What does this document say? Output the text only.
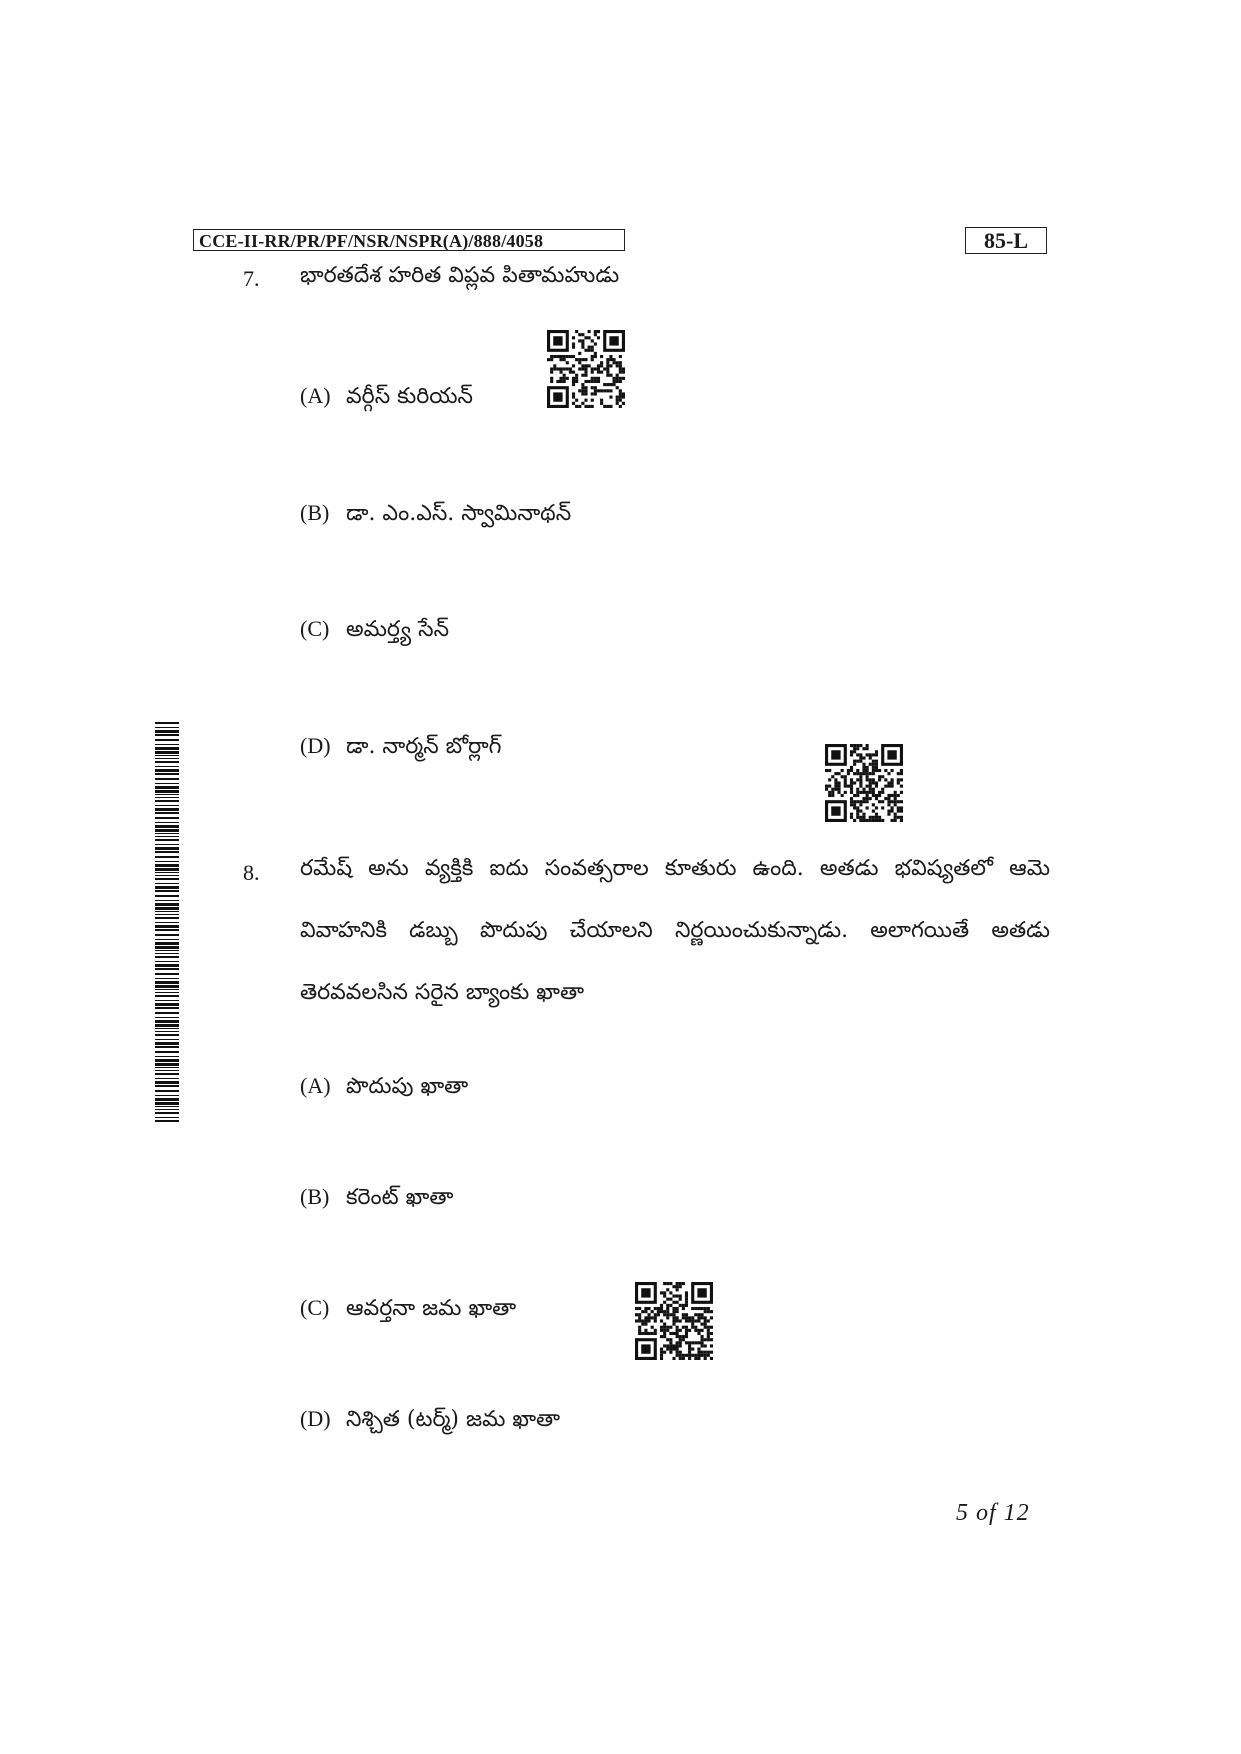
CCE-II-RR/PR/PF/NSR/NSPR(A)/888/4058	85-L
7. భారతదేశ హరిత విప్లవ పితామహుడు
(A) వర్గీస్ కురియన్
(B) డా. ఎం.ఎస్. స్వామినాథన్
(C) అమర్త్య సేన్
(D) డా. నార్మన్ బోర్లాగ్
8. రమేష్ అను వ్యక్తికి ఐదు సంవత్సరాల కూతురు ఉంది. అతడు భవిష్యతలో ఆమె వివాహనికి డబ్బు పొదుపు చేయాలని నిర్ణయించుకున్నాడు. అలాగయితే అతడు తెరవవలసిన సరైన బ్యాంకు ఖాతా
(A) పొదుపు ఖాతా
(B) కరెంట్ ఖాతా
(C) ఆవర్తనా జమ ఖాతా
(D) నిశ్చిత (టర్మ్) జమ ఖాతా
5 of 12
